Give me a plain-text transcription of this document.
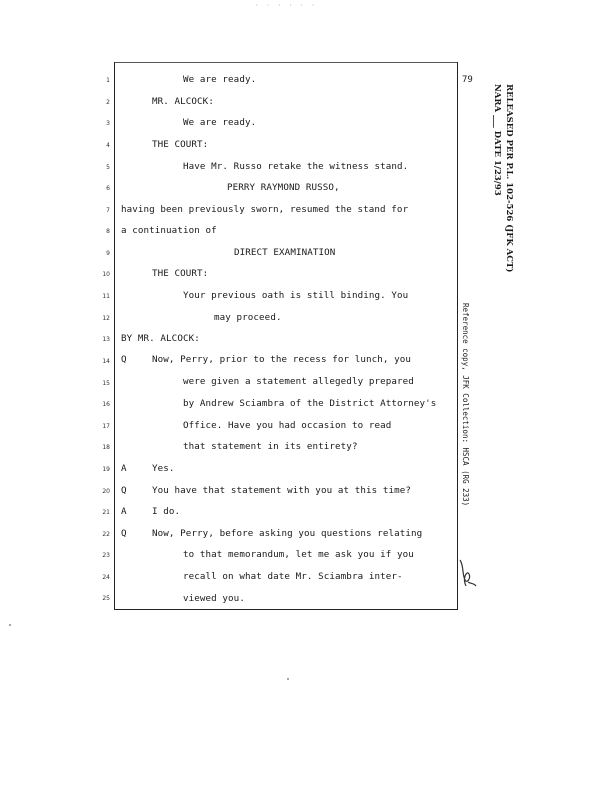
· · · · · ·
79
1
2
3
4
5
6
7
8
9
10
11
12
13
14
15
16
17
18
19
20
21
22
23
24
25
Q
A
Q
A
Q
We are ready.
MR. ALCOCK:
We are ready.
THE COURT:
Have Mr. Russo retake the witness stand.
PERRY RAYMOND RUSSO,
having been previously sworn, resumed the stand for
a continuation of
DIRECT EXAMINATION
THE COURT:
Your previous oath is still binding. You
may proceed.
BY MR. ALCOCK:
Now, Perry, prior to the recess for lunch, you
were given a statement allegedly prepared
by Andrew Sciambra of the District Attorney's
Office. Have you had occasion to read
that statement in its entirety?
Yes.
You have that statement with you at this time?
I do.
Now, Perry, before asking you questions relating
to that memorandum, let me ask you if you
recall on what date Mr. Sciambra inter-
viewed you.
RELEASED PER P.L. 102-526 (JFK ACT)
NARA ___ DATE 1/23/93
Reference copy, JFK Collection: HSCA (RG 233)
